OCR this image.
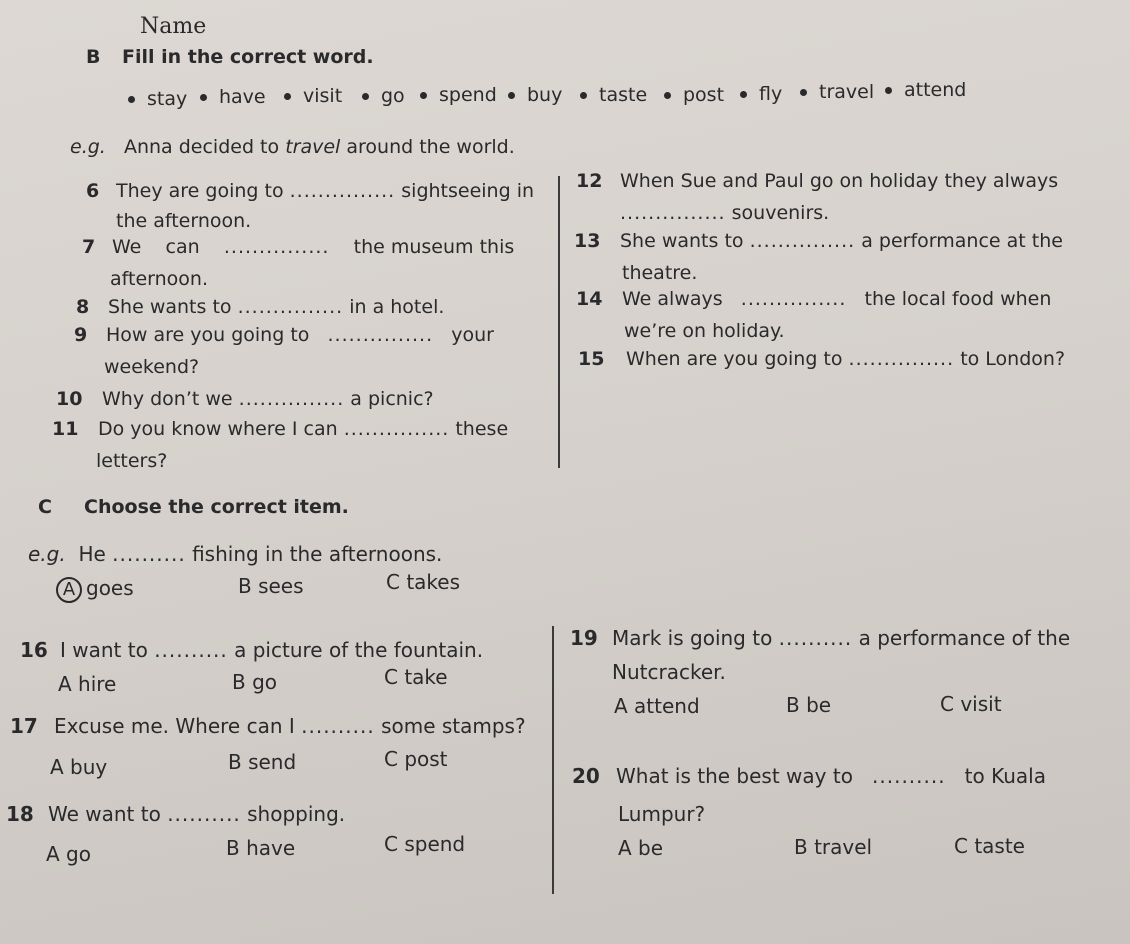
Name
B Fill in the correct word.
stay	have	visit	go	spend	buy	taste	post	fly	travel	attend
e.g. Anna decided to travel around the world.
6 They are going to ............... sightseeing in
the afternoon.
7 We can ............... the museum this
afternoon.
8 She wants to ............... in a hotel.
9 How are you going to ............... your
weekend?
10 Why don’t we ............... a picnic?
11 Do you know where I can ............... these
letters?
12 When Sue and Paul go on holiday they always
............... souvenirs.
13 She wants to ............... a performance at the
theatre.
14 We always ............... the local food when
we’re on holiday.
15 When are you going to ............... to London?
C Choose the correct item.
e.g. He .......... fishing in the afternoons.
A goes	B sees	C takes
16 I want to .......... a picture of the fountain.
A hire	B go	C take
17 Excuse me. Where can I .......... some stamps?
A buy	B send	C post
18 We want to .......... shopping.
A go	B have	C spend
19 Mark is going to .......... a performance of the
Nutcracker.
A attend	B be	C visit
20 What is the best way to .......... to Kuala
Lumpur?
A be	B travel	C taste
